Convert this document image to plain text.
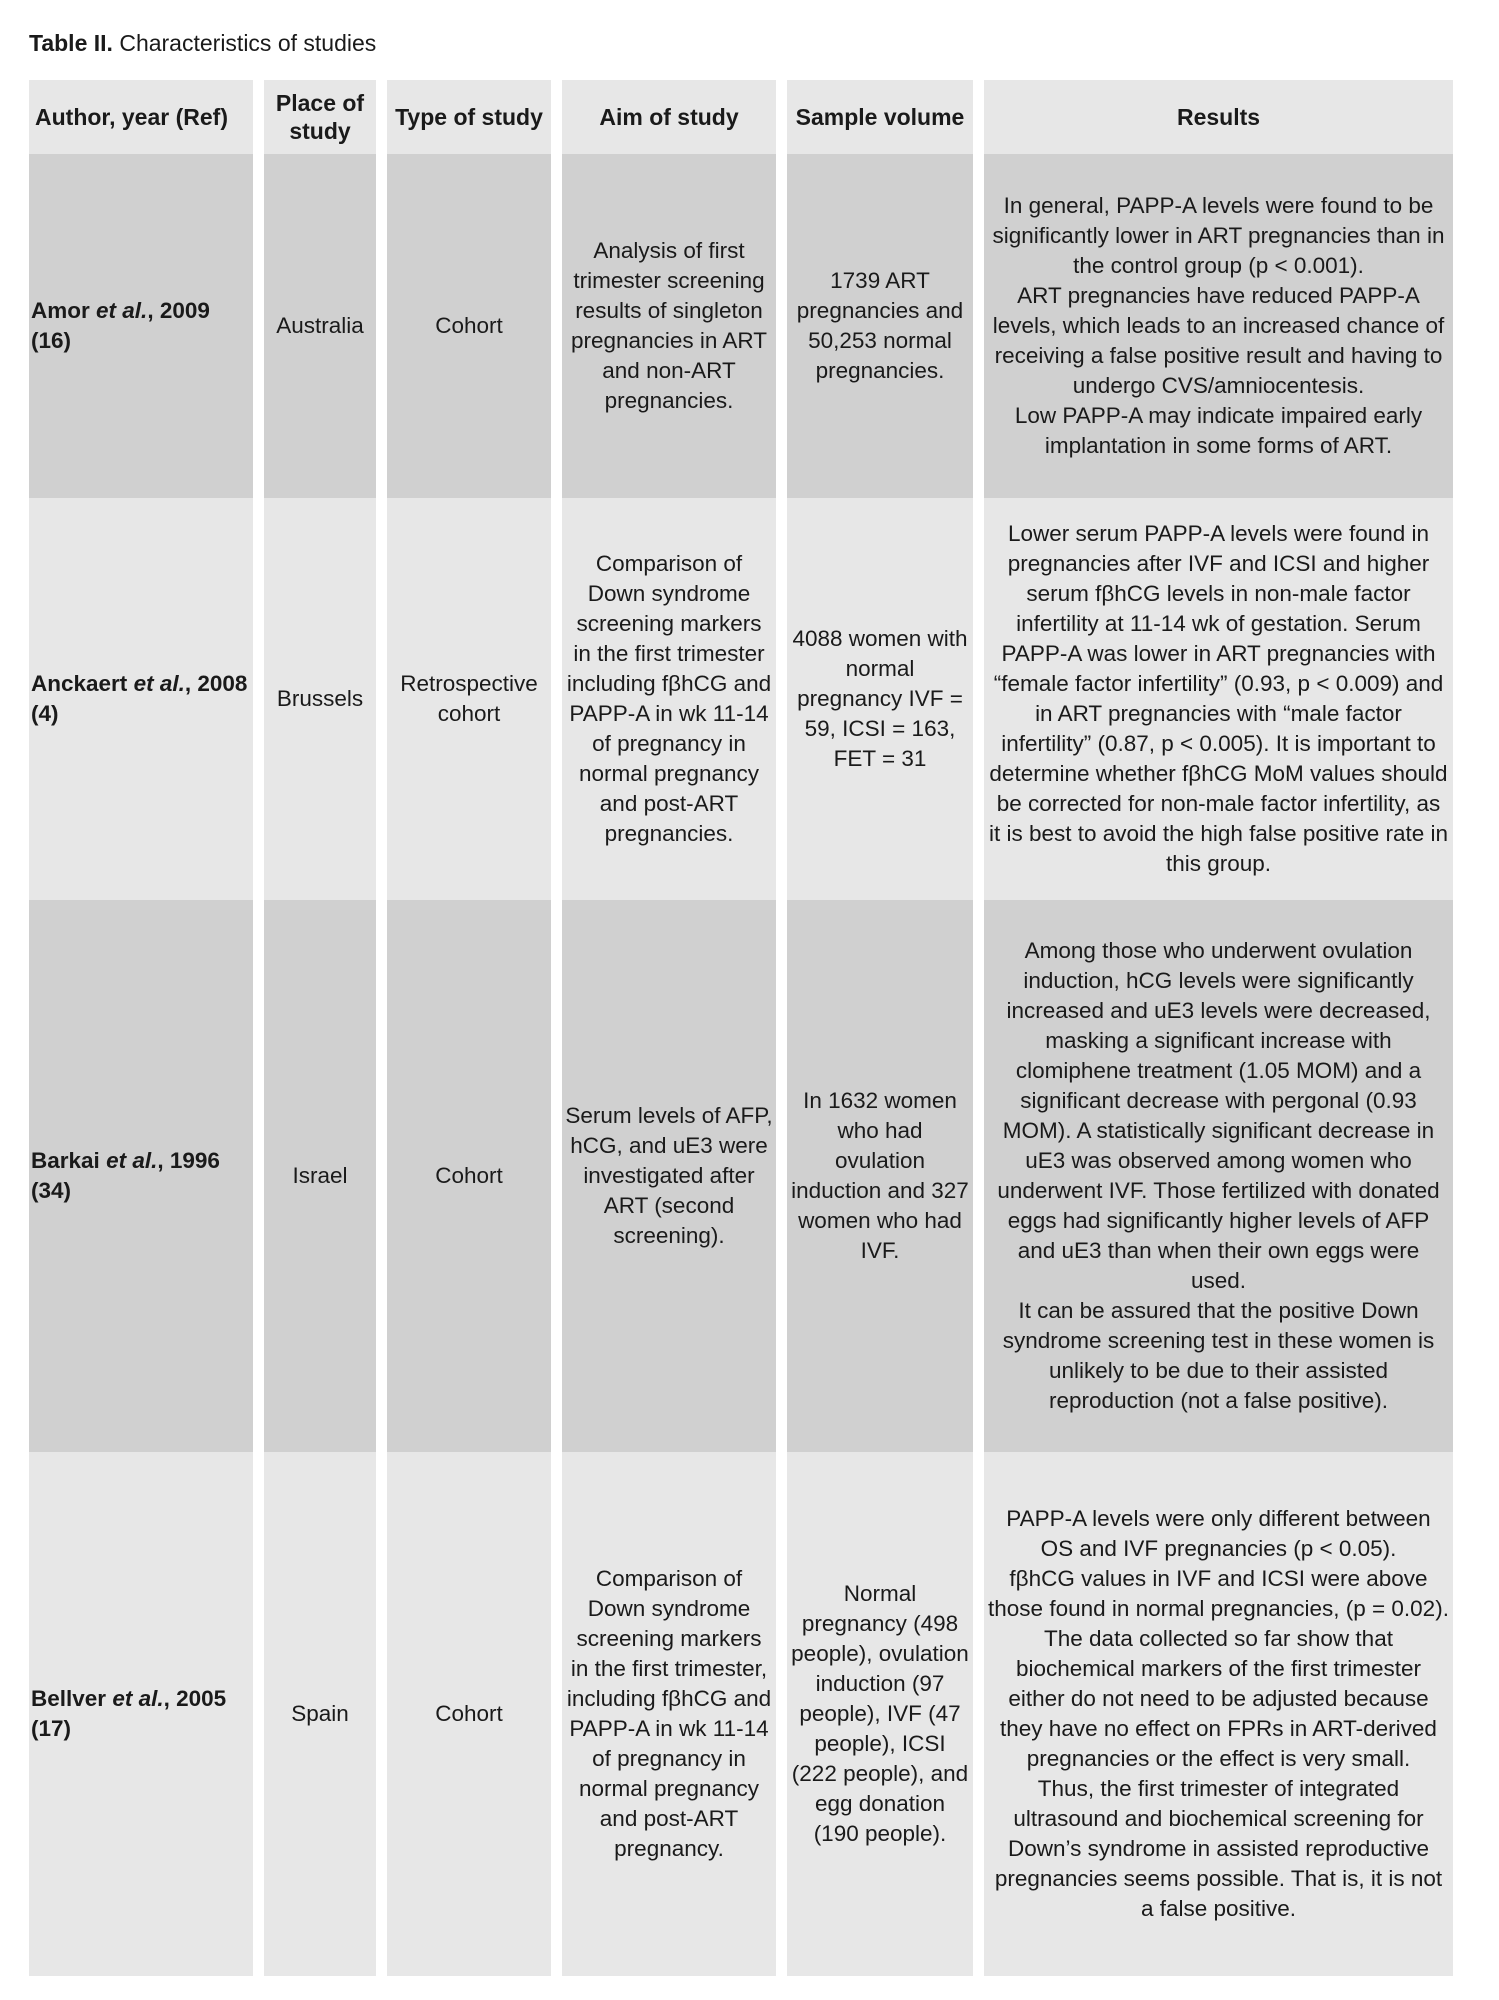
Table II. Characteristics of studies
Author, year (Ref)	Place of study	Type of study	Aim of study	Sample volume	Results
Amor et al., 2009 (16)	Australia	Cohort	Analysis of first trimester screening results of singleton pregnancies in ART and non-ART pregnancies.	1739 ART pregnancies and 50,253 normal pregnancies.	In general, PAPP-A levels were found to be significantly lower in ART pregnancies than in the control group (p < 0.001).
ART pregnancies have reduced PAPP-A levels, which leads to an increased chance of receiving a false positive result and having to undergo CVS/amniocentesis.
Low PAPP-A may indicate impaired early implantation in some forms of ART.

Anckaert et al., 2008 (4)	Brussels	Retrospective cohort	Comparison of Down syndrome screening markers in the first trimester including fβhCG and PAPP-A in wk 11-14 of pregnancy in normal pregnancy and post-ART pregnancies.	4088 women with normal pregnancy IVF = 59, ICSI = 163, FET = 31	Lower serum PAPP-A levels were found in pregnancies after IVF and ICSI and higher serum fβhCG levels in non-male factor infertility at 11-14 wk of gestation. Serum PAPP-A was lower in ART pregnancies with “female factor infertility” (0.93, p < 0.009) and in ART pregnancies with “male factor infertility” (0.87, p < 0.005). It is important to determine whether fβhCG MoM values should be corrected for non-male factor infertility, as it is best to avoid the high false positive rate in this group.

Barkai et al., 1996 (34)	Israel	Cohort	Serum levels of AFP, hCG, and uE3 were investigated after ART (second screening).	In 1632 women who had ovulation induction and 327 women who had IVF.	Among those who underwent ovulation induction, hCG levels were significantly increased and uE3 levels were decreased, masking a significant increase with clomiphene treatment (1.05 MOM) and a significant decrease with pergonal (0.93 MOM). A statistically significant decrease in uE3 was observed among women who underwent IVF. Those fertilized with donated eggs had significantly higher levels of AFP and uE3 than when their own eggs were used.
It can be assured that the positive Down syndrome screening test in these women is unlikely to be due to their assisted reproduction (not a false positive).

Bellver et al., 2005 (17)	Spain	Cohort	Comparison of Down syndrome screening markers in the first trimester, including fβhCG and PAPP-A in wk 11-14 of pregnancy in normal pregnancy and post-ART pregnancy.	Normal pregnancy (498 people), ovulation induction (97 people), IVF (47 people), ICSI (222 people), and egg donation (190 people).	PAPP-A levels were only different between OS and IVF pregnancies (p < 0.05).
fβhCG values in IVF and ICSI were above those found in normal pregnancies, (p = 0.02).
The data collected so far show that biochemical markers of the first trimester either do not need to be adjusted because they have no effect on FPRs in ART-derived pregnancies or the effect is very small.
Thus, the first trimester of integrated ultrasound and biochemical screening for Down’s syndrome in assisted reproductive pregnancies seems possible. That is, it is not a false positive.
